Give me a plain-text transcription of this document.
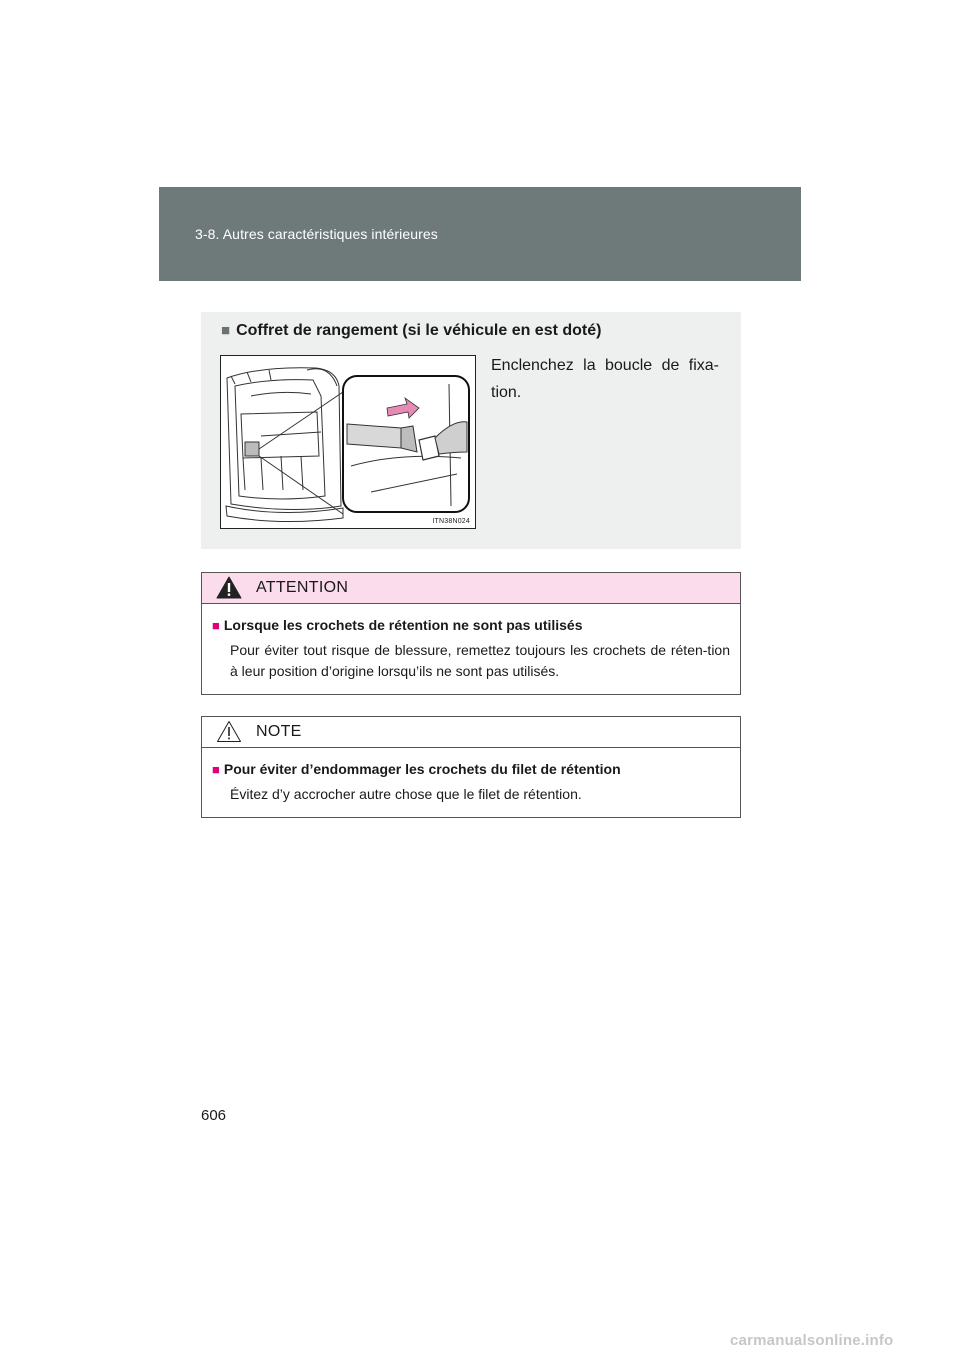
3-8. Autres caractéristiques intérieures
■ Coffret de rangement (si le véhicule en est doté)
ITN38N024
Enclenchez la boucle de fixa-tion.
ATTENTION
■ Lorsque les crochets de rétention ne sont pas utilisés
Pour éviter tout risque de blessure, remettez toujours les crochets de réten-tion à leur position d’origine lorsqu’ils ne sont pas utilisés.
NOTE
■ Pour éviter d’endommager les crochets du filet de rétention
Évitez d’y accrocher autre chose que le filet de rétention.
606
carmanualsonline.info
